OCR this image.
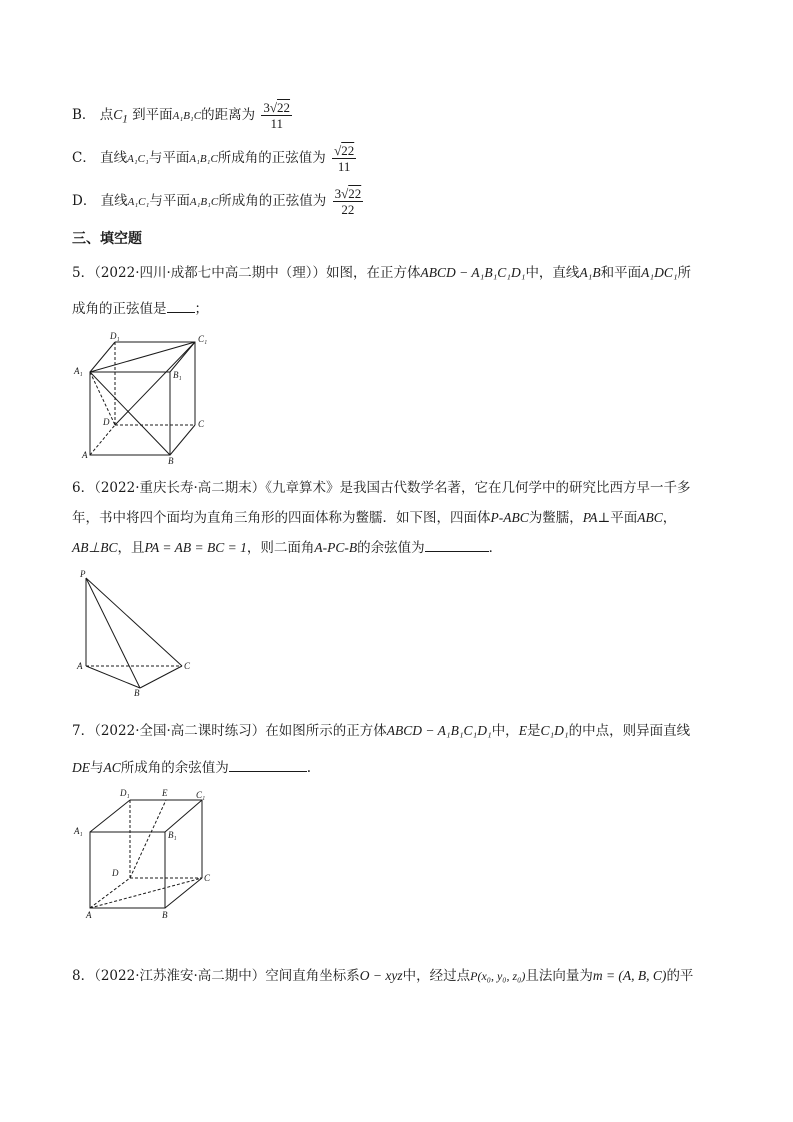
B． 点$C_1$ 到平面A₁B₁C的距离为 $\frac{3√22}{11}$
C． 直线A₁C₁与平面A₁B₁C所成角的正弦值为 $\frac{√22}{11}$
D． 直线A₁C₁与平面A₁B₁C所成角的正弦值为 $\frac{3√22}{22}$
三、填空题
5．（2022·四川·成都七中高二期中（理））如图，在正方体ABCD − A₁B₁C₁D₁中，直线A₁B和平面A₁DC₁所
成角的正弦值是 ；
D₁	C₁
A₁	B₁
D	C
A
B
6．（2022·重庆长寿·高二期末）《九章算术》是我国古代数学名著，它在几何学中的研究比西方早一千多
年，书中将四个面均为直角三角形的四面体称为鳖臑．如下图，四面体P-ABC为鳖臑，PA⊥平面ABC，
AB⊥BC，且PA = AB = BC = 1，则二面角A-PC-B的余弦值为	．
P
A
B
C
7．（2022·全国·高二课时练习）在如图所示的正方体ABCD − A₁B₁C₁D₁中，E是C₁D₁的中点，则异面直线
DE与AC所成角的余弦值为	.
D₁	E	C₁
A₁	B₁
D	C
A	B
8．（2022·江苏淮安·高二期中）空间直角坐标系O − xyz中，经过点P(x₀, y₀, z₀)且法向量为m = (A, B, C)的平
